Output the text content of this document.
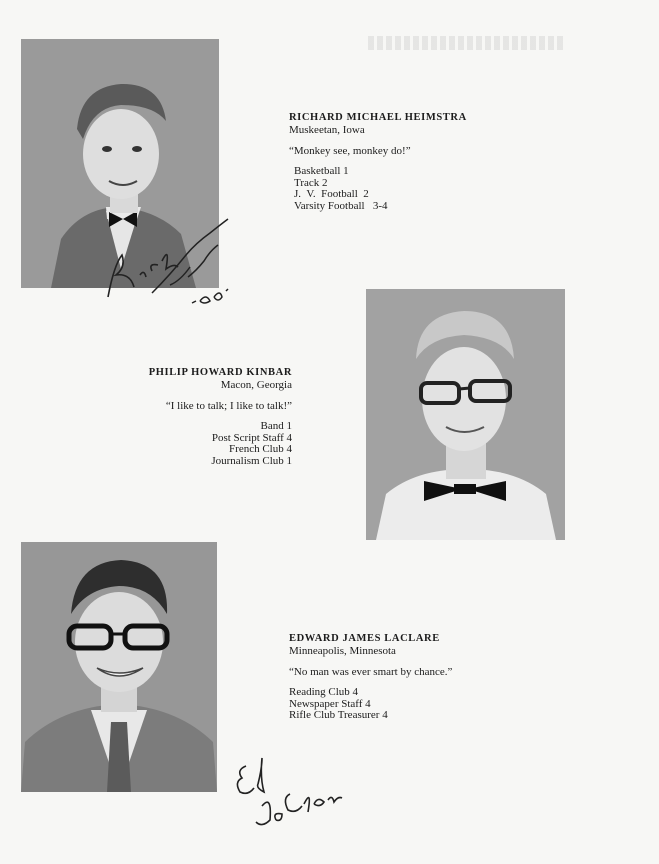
RICHARD MICHAEL HEIMSTRA
Muskeetan, Iowa
“Monkey see, monkey do!”
Basketball 1
Track 2
J.  V.  Football  2
Varsity Football   3-4
PHILIP HOWARD KINBAR
Macon, Georgia
“I like to talk; I like to talk!”
Band 1
Post Script Staff 4
French Club 4
Journalism Club 1
EDWARD JAMES LACLARE
Minneapolis, Minnesota
“No man was ever smart by chance.”
Reading Club 4
Newspaper Staff 4
Rifle Club Treasurer 4
